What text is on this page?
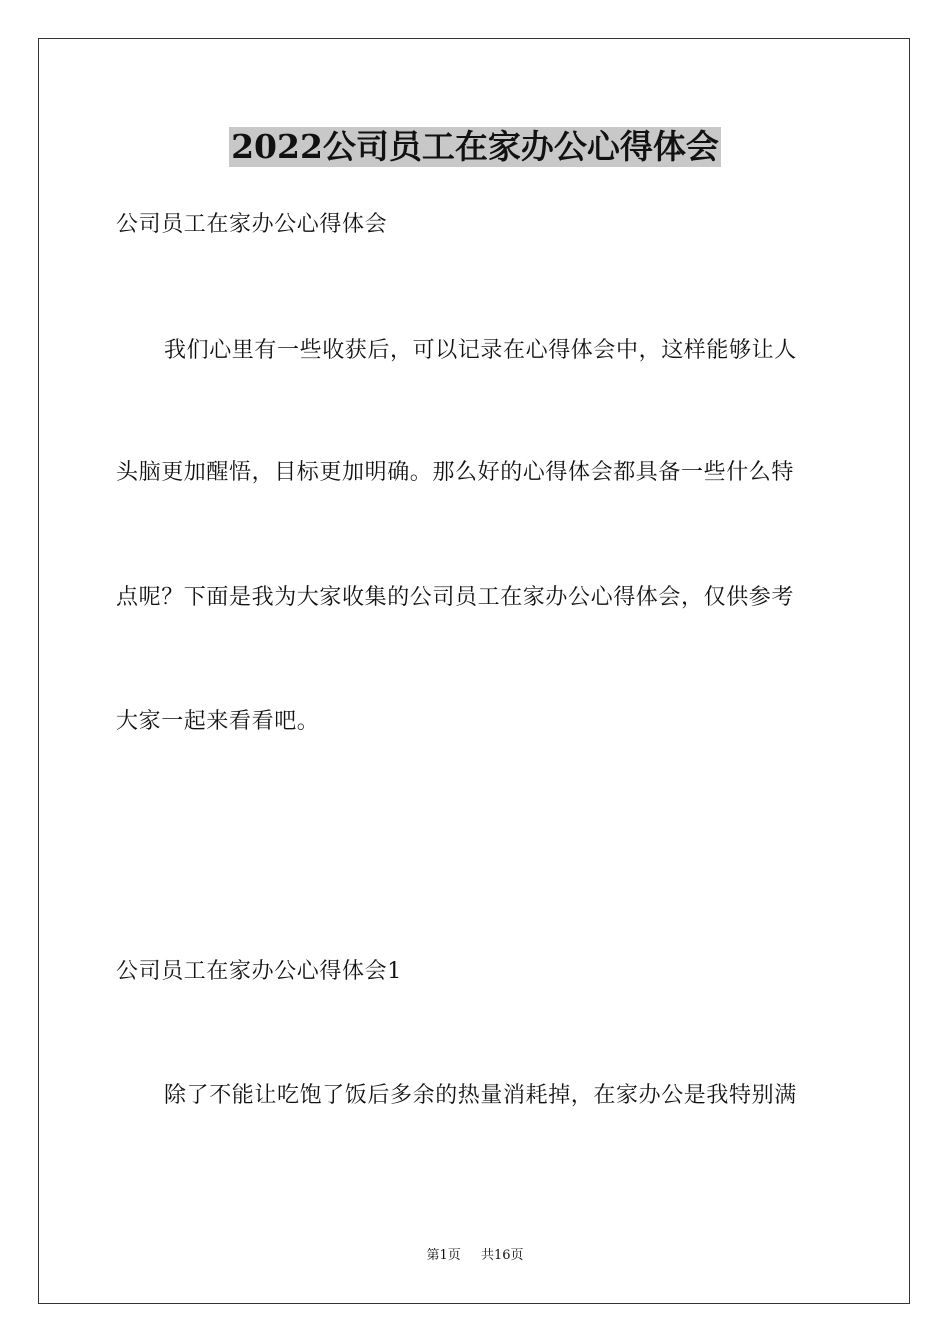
2022公司员工在家办公心得体会
公司员工在家办公心得体会
我们心里有一些收获后，可以记录在心得体会中，这样能够让人
头脑更加醒悟，目标更加明确。那么好的心得体会都具备一些什么特
点呢？下面是我为大家收集的公司员工在家办公心得体会，仅供参考
大家一起来看看吧。
公司员工在家办公心得体会1
除了不能让吃饱了饭后多余的热量消耗掉，在家办公是我特别满
第1页 共16页
